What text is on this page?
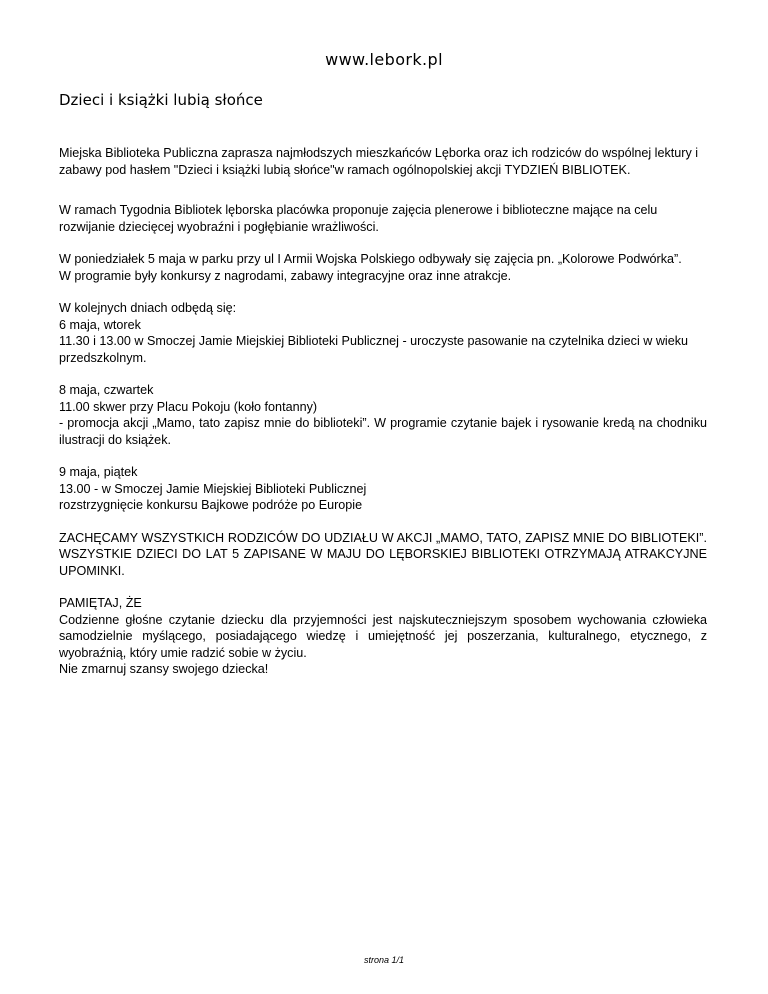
www.lebork.pl
Dzieci i książki lubią słońce

Miejska Biblioteka Publiczna zaprasza najmłodszych mieszkańców Lęborka oraz ich rodziców do wspólnej lektury i zabawy pod hasłem "Dzieci i książki lubią słońce"w ramach ogólnopolskiej akcji TYDZIEŃ BIBLIOTEK.

W ramach Tygodnia Bibliotek lęborska placówka proponuje zajęcia plenerowe i biblioteczne mające na celu rozwijanie dziecięcej wyobraźni i pogłębianie wrażliwości.

W poniedziałek 5 maja w parku przy ul I Armii Wojska Polskiego odbywały się zajęcia pn. „Kolorowe Podwórka”.
W programie były konkursy z nagrodami, zabawy integracyjne oraz inne atrakcje.

W kolejnych dniach odbędą się:
6 maja, wtorek
11.30 i 13.00 w Smoczej Jamie Miejskiej Biblioteki Publicznej - uroczyste pasowanie na czytelnika dzieci w wieku przedszkolnym.

8 maja, czwartek
11.00 skwer przy Placu Pokoju (koło fontanny)
- promocja akcji „Mamo, tato zapisz mnie do biblioteki”. W programie czytanie bajek i rysowanie kredą na chodniku ilustracji do książek.

9 maja, piątek
13.00 - w Smoczej Jamie Miejskiej Biblioteki Publicznej
rozstrzygnięcie konkursu Bajkowe podróże po Europie

ZACHĘCAMY WSZYSTKICH RODZICÓW DO UDZIAŁU W AKCJI „MAMO, TATO, ZAPISZ MNIE DO BIBLIOTEKI”. WSZYSTKIE DZIECI DO LAT 5 ZAPISANE W MAJU DO LĘBORSKIEJ BIBLIOTEKI OTRZYMAJĄ ATRAKCYJNE UPOMINKI.

PAMIĘTAJ, ŻE
Codzienne głośne czytanie dziecku dla przyjemności jest najskuteczniejszym sposobem wychowania człowieka samodzielnie myślącego, posiadającego wiedzę i umiejętność jej poszerzania, kulturalnego, etycznego, z wyobraźnią, który umie radzić sobie w życiu.
Nie zmarnuj szansy swojego dziecka!

strona 1/1
